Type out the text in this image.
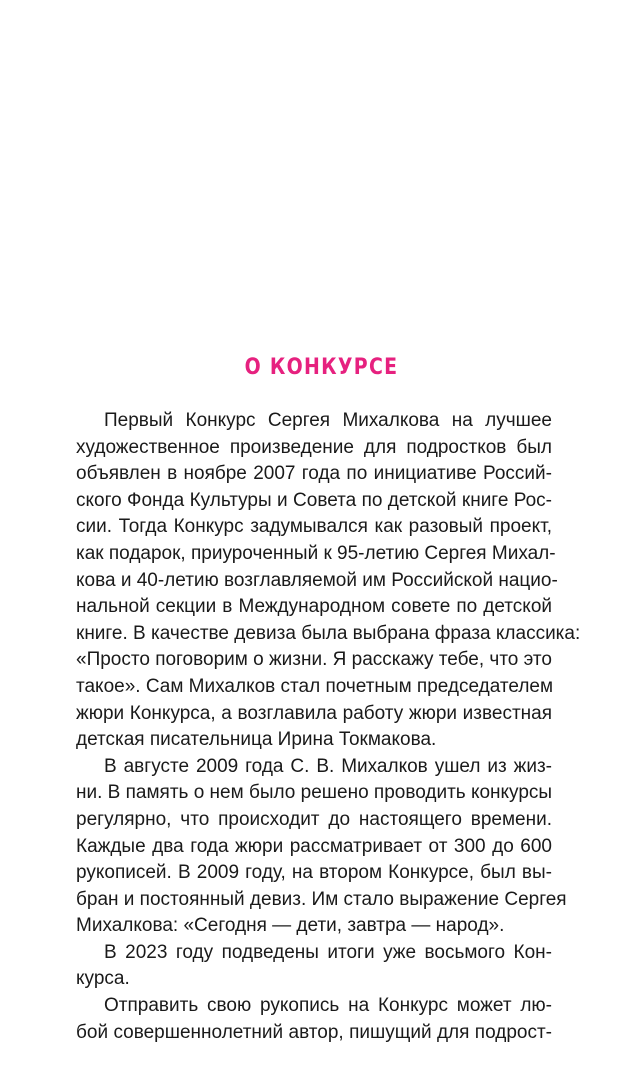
О КОНКУРСЕ
Первый Конкурс Сергея Михалкова на лучшее
художественное произведение для подростков был
объявлен в ноябре 2007 года по инициативе Россий-
ского Фонда Культуры и Совета по детской книге Рос-
сии. Тогда Конкурс задумывался как разовый проект,
как подарок, приуроченный к 95-летию Сергея Михал-
кова и 40-летию возглавляемой им Российской нацио-
нальной секции в Международном совете по детской
книге. В качестве девиза была выбрана фраза классика:
«Просто поговорим о жизни. Я расскажу тебе, что это
такое». Сам Михалков стал почетным председателем
жюри Конкурса, а возглавила работу жюри известная
детская писательница Ирина Токмакова.
В августе 2009 года С. В. Михалков ушел из жиз-
ни. В память о нем было решено проводить конкурсы
регулярно, что происходит до настоящего времени.
Каждые два года жюри рассматривает от 300 до 600
рукописей. В 2009 году, на втором Конкурсе, был вы-
бран и постоянный девиз. Им стало выражение Сергея
Михалкова: «Сегодня — дети, завтра — народ».
В 2023 году подведены итоги уже восьмого Кон-
курса.
Отправить свою рукопись на Конкурс может лю-
бой совершеннолетний автор, пишущий для подрост-
